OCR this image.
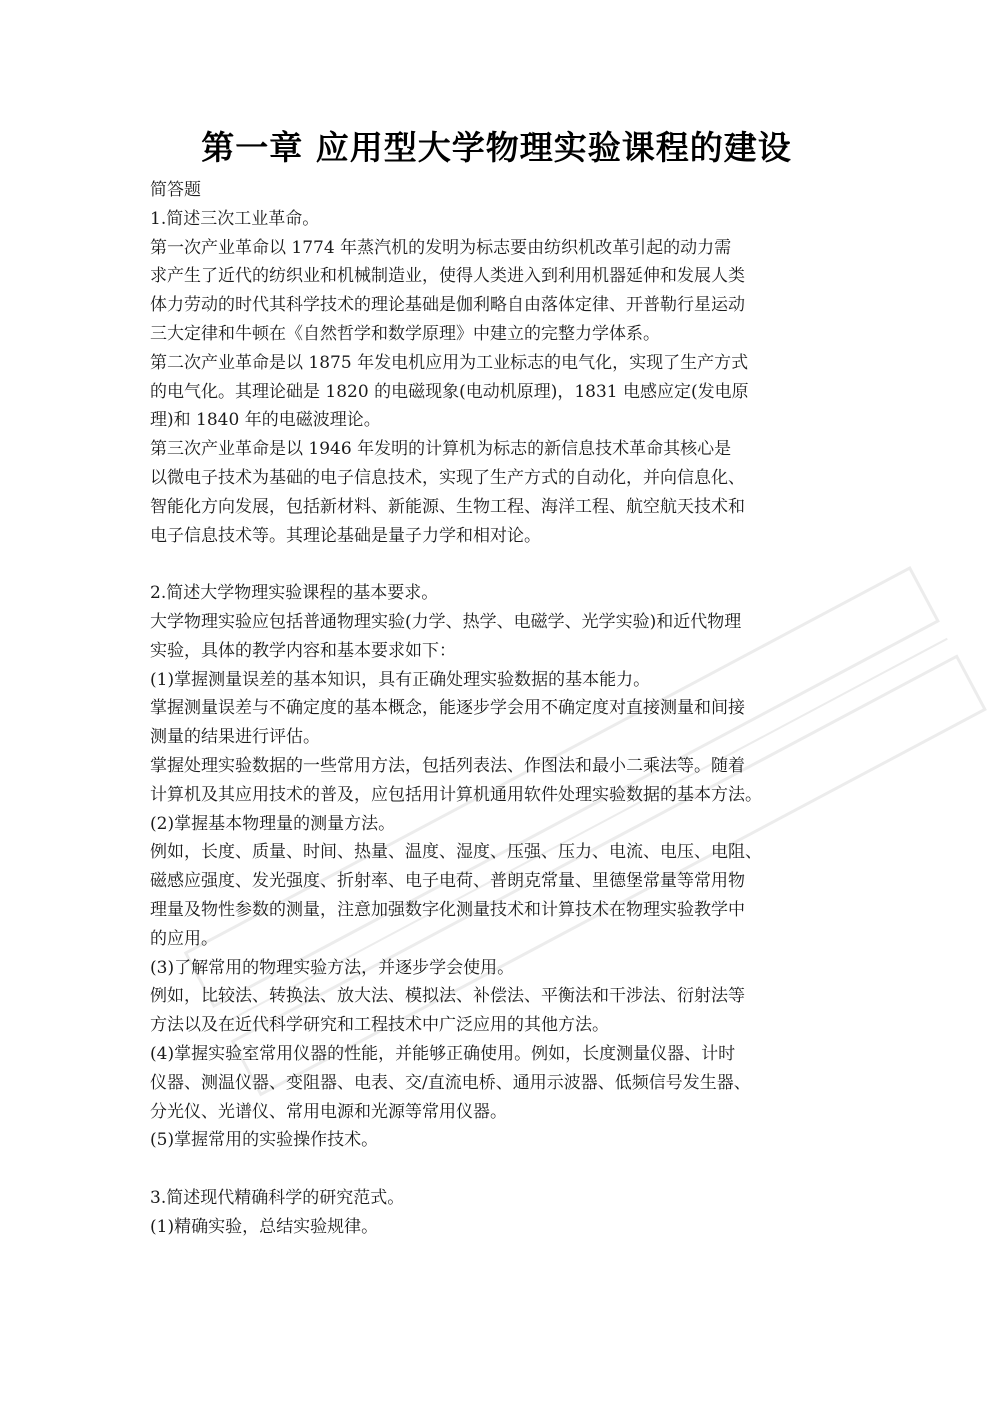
第一章 应用型大学物理实验课程的建设

简答题

1.简述三次工业革命。

第一次产业革命以 1774 年蒸汽机的发明为标志要由纺织机改革引起的动力需

求产生了近代的纺织业和机械制造业，使得人类进入到利用机器延伸和发展人类

体力劳动的时代其科学技术的理论基础是伽利略自由落体定律、开普勒行星运动

三大定律和牛顿在《自然哲学和数学原理》中建立的完整力学体系。

第二次产业革命是以 1875 年发电机应用为工业标志的电气化，实现了生产方式

的电气化。其理论础是 1820 的电磁现象(电动机原理)，1831 电感应定(发电原

理)和 1840 年的电磁波理论。

第三次产业革命是以 1946 年发明的计算机为标志的新信息技术革命其核心是

以微电子技术为基础的电子信息技术，实现了生产方式的自动化，并向信息化、

智能化方向发展，包括新材料、新能源、生物工程、海洋工程、航空航天技术和

电子信息技术等。其理论基础是量子力学和相对论。

2.简述大学物理实验课程的基本要求。

大学物理实验应包括普通物理实验(力学、热学、电磁学、光学实验)和近代物理

实验，具体的教学内容和基本要求如下：

(1)掌握测量误差的基本知识，具有正确处理实验数据的基本能力。

掌握测量误差与不确定度的基本概念，能逐步学会用不确定度对直接测量和间接

测量的结果进行评估。

掌握处理实验数据的一些常用方法，包括列表法、作图法和最小二乘法等。随着

计算机及其应用技术的普及，应包括用计算机通用软件处理实验数据的基本方法。

(2)掌握基本物理量的测量方法。

例如，长度、质量、时间、热量、温度、湿度、压强、压力、电流、电压、电阻、

磁感应强度、发光强度、折射率、电子电荷、普朗克常量、里德堡常量等常用物

理量及物性参数的测量，注意加强数字化测量技术和计算技术在物理实验教学中

的应用。

(3)了解常用的物理实验方法，并逐步学会使用。

例如，比较法、转换法、放大法、模拟法、补偿法、平衡法和干涉法、衍射法等

方法以及在近代科学研究和工程技术中广泛应用的其他方法。

(4)掌握实验室常用仪器的性能，并能够正确使用。例如，长度测量仪器、计时

仪器、测温仪器、变阻器、电表、交/直流电桥、通用示波器、低频信号发生器、

分光仪、光谱仪、常用电源和光源等常用仪器。

(5)掌握常用的实验操作技术。

3.简述现代精确科学的研究范式。

(1)精确实验，总结实验规律。
